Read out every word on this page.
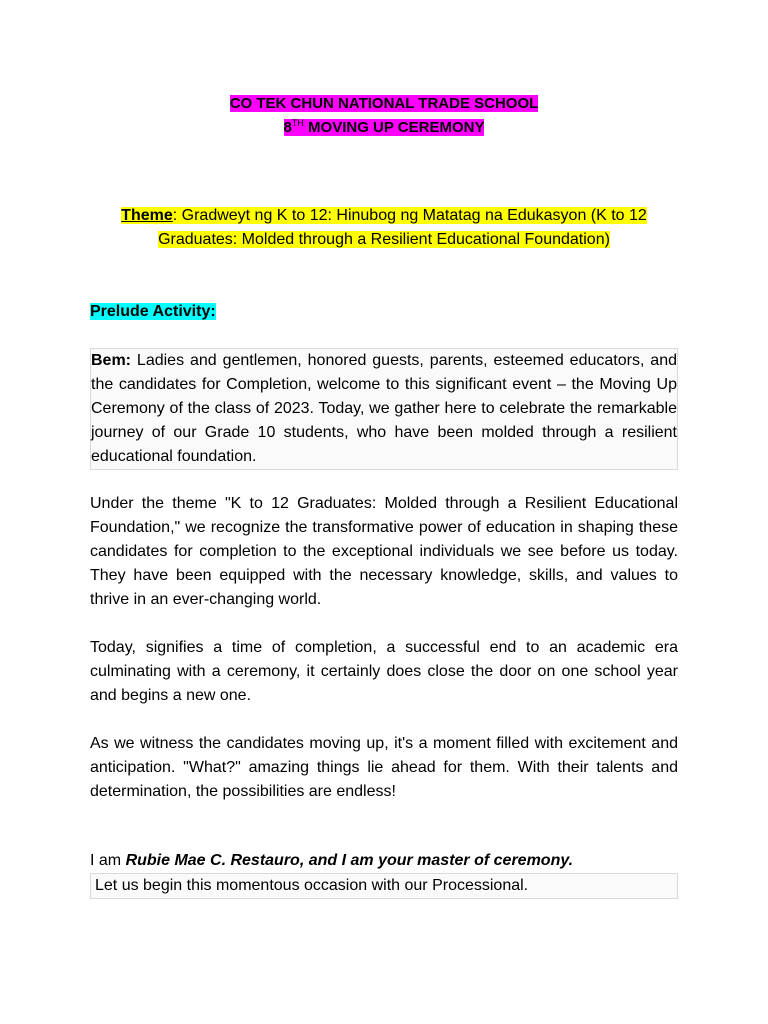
CO TEK CHUN NATIONAL TRADE SCHOOL
8TH MOVING UP CEREMONY
Theme: Gradweyt ng K to 12: Hinubog ng Matatag na Edukasyon (K to 12 Graduates: Molded through a Resilient Educational Foundation)
Prelude Activity:
Bem: Ladies and gentlemen, honored guests, parents, esteemed educators, and the candidates for Completion, welcome to this significant event – the Moving Up Ceremony of the class of 2023. Today, we gather here to celebrate the remarkable journey of our Grade 10 students, who have been molded through a resilient educational foundation.
Under the theme "K to 12 Graduates: Molded through a Resilient Educational Foundation," we recognize the transformative power of education in shaping these candidates for completion to the exceptional individuals we see before us today. They have been equipped with the necessary knowledge, skills, and values to thrive in an ever-changing world.
Today, signifies a time of completion, a successful end to an academic era culminating with a ceremony, it certainly does close the door on one school year and begins a new one.
As we witness the candidates moving up, it's a moment filled with excitement and anticipation. "What?" amazing things lie ahead for them. With their talents and determination, the possibilities are endless!
I am Rubie Mae C. Restauro, and I am your master of ceremony.
Let us begin this momentous occasion with our Processional.
